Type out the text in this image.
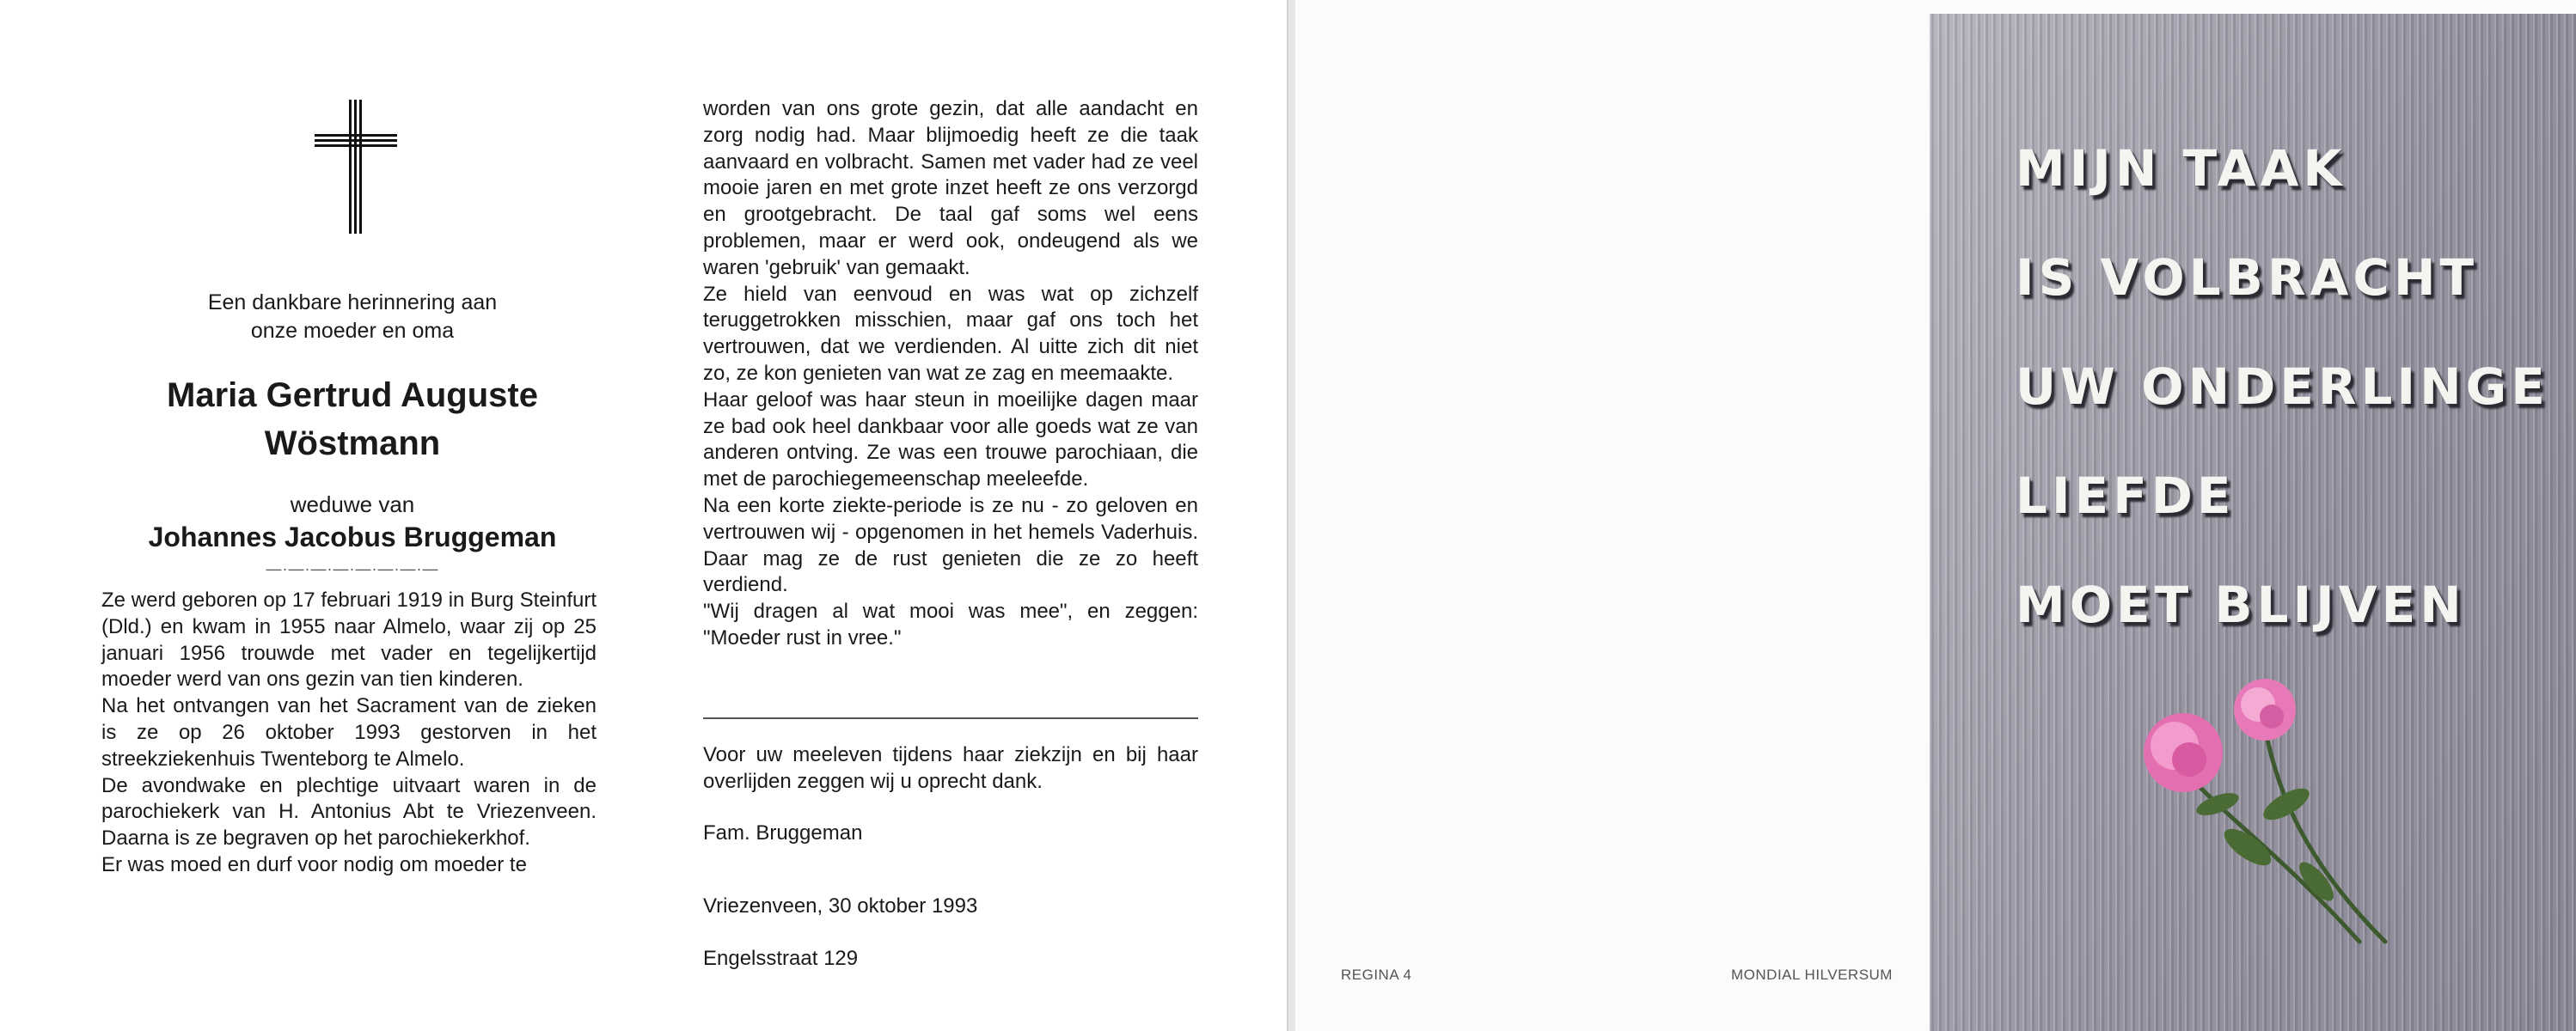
Een dankbare herinnering aan
onze moeder en oma
Maria Gertrud Auguste
Wöstmann
weduwe van
Johannes Jacobus Bruggeman
—·—·—·—·—·—·—·—
Ze werd geboren op 17 februari 1919 in Burg Steinfurt (Dld.) en kwam in 1955 naar Almelo, waar zij op 25 januari 1956 trouwde met vader en tegelijkertijd moeder werd van ons gezin van tien kinderen.
Na het ontvangen van het Sacrament van de zieken is ze op 26 oktober 1993 gestorven in het streekziekenhuis Twenteborg te Almelo.
De avondwake en plechtige uitvaart waren in de parochiekerk van H. Antonius Abt te Vriezenveen. Daarna is ze begraven op het parochiekerkhof.
Er was moed en durf voor nodig om moeder te
worden van ons grote gezin, dat alle aandacht en zorg nodig had. Maar blijmoedig heeft ze die taak aanvaard en volbracht. Samen met vader had ze veel mooie jaren en met grote inzet heeft ze ons verzorgd en grootgebracht. De taal gaf soms wel eens problemen, maar er werd ook, ondeugend als we waren 'gebruik' van gemaakt.
Ze hield van eenvoud en was wat op zichzelf teruggetrokken misschien, maar gaf ons toch het vertrouwen, dat we verdienden. Al uitte zich dit niet zo, ze kon genieten van wat ze zag en meemaakte.
Haar geloof was haar steun in moeilijke dagen maar ze bad ook heel dankbaar voor alle goeds wat ze van anderen ontving. Ze was een trouwe parochiaan, die met de parochiegemeenschap meeleefde.
Na een korte ziekte-periode is ze nu - zo geloven en vertrouwen wij - opgenomen in het hemels Vaderhuis. Daar mag ze de rust genieten die ze zo heeft verdiend.
"Wij dragen al wat mooi was mee", en zeggen: "Moeder rust in vree."
Voor uw meeleven tijdens haar ziekzijn en bij haar overlijden zeggen wij u oprecht dank.
Fam. Bruggeman

Vriezenveen, 30 oktober 1993

Engelsstraat 129

REGINA 4	MONDIAL HILVERSUM
MIJN TAAK
IS VOLBRACHT
UW ONDERLINGE
LIEFDE
MOET BLIJVEN
